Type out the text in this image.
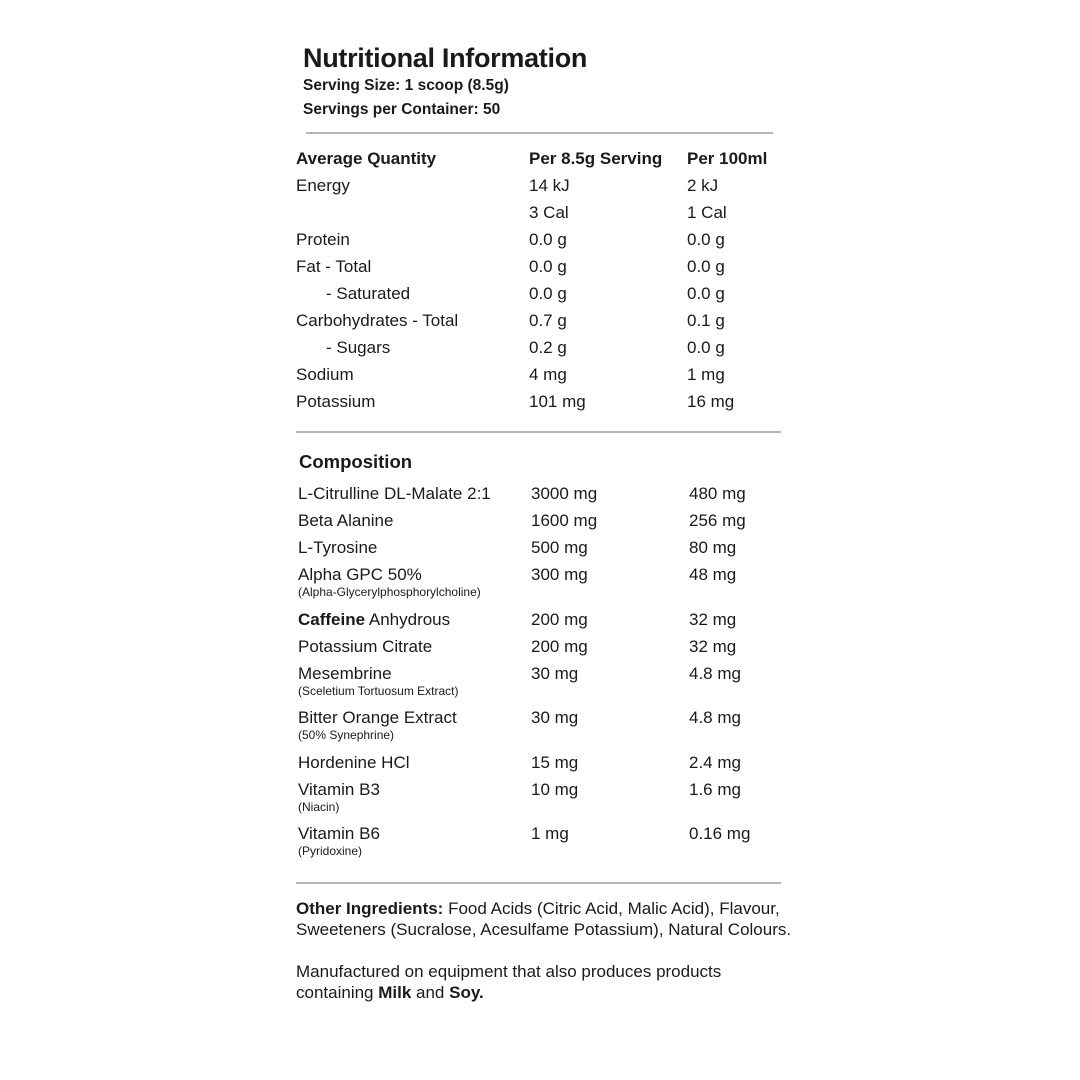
Nutritional Information
Serving Size: 1 scoop (8.5g)
Servings per Container: 50
Average Quantity	Per 8.5g Serving	Per 100ml
Energy	14 kJ	2 kJ
	3 Cal	1 Cal
Protein	0.0 g	0.0 g
Fat - Total	0.0 g	0.0 g
- Saturated	0.0 g	0.0 g
Carbohydrates - Total	0.7 g	0.1 g
- Sugars	0.2 g	0.0 g
Sodium	4 mg	1 mg
Potassium	101 mg	16 mg
Composition
L-Citrulline DL-Malate 2:1	3000 mg	480 mg
Beta Alanine	1600 mg	256 mg
L-Tyrosine	500 mg	80 mg
Alpha GPC 50%
(Alpha-Glycerylphosphorylcholine)	300 mg	48 mg
Caffeine Anhydrous	200 mg	32 mg
Potassium Citrate	200 mg	32 mg
Mesembrine
(Sceletium Tortuosum Extract)	30 mg	4.8 mg
Bitter Orange Extract
(50% Synephrine)	30 mg	4.8 mg
Hordenine HCl	15 mg	2.4 mg
Vitamin B3
(Niacin)	10 mg	1.6 mg
Vitamin B6
(Pyridoxine)	1 mg	0.16 mg
Other Ingredients: Food Acids (Citric Acid, Malic Acid), Flavour, Sweeteners (Sucralose, Acesulfame Potassium), Natural Colours.
Manufactured on equipment that also produces products containing Milk and Soy.
